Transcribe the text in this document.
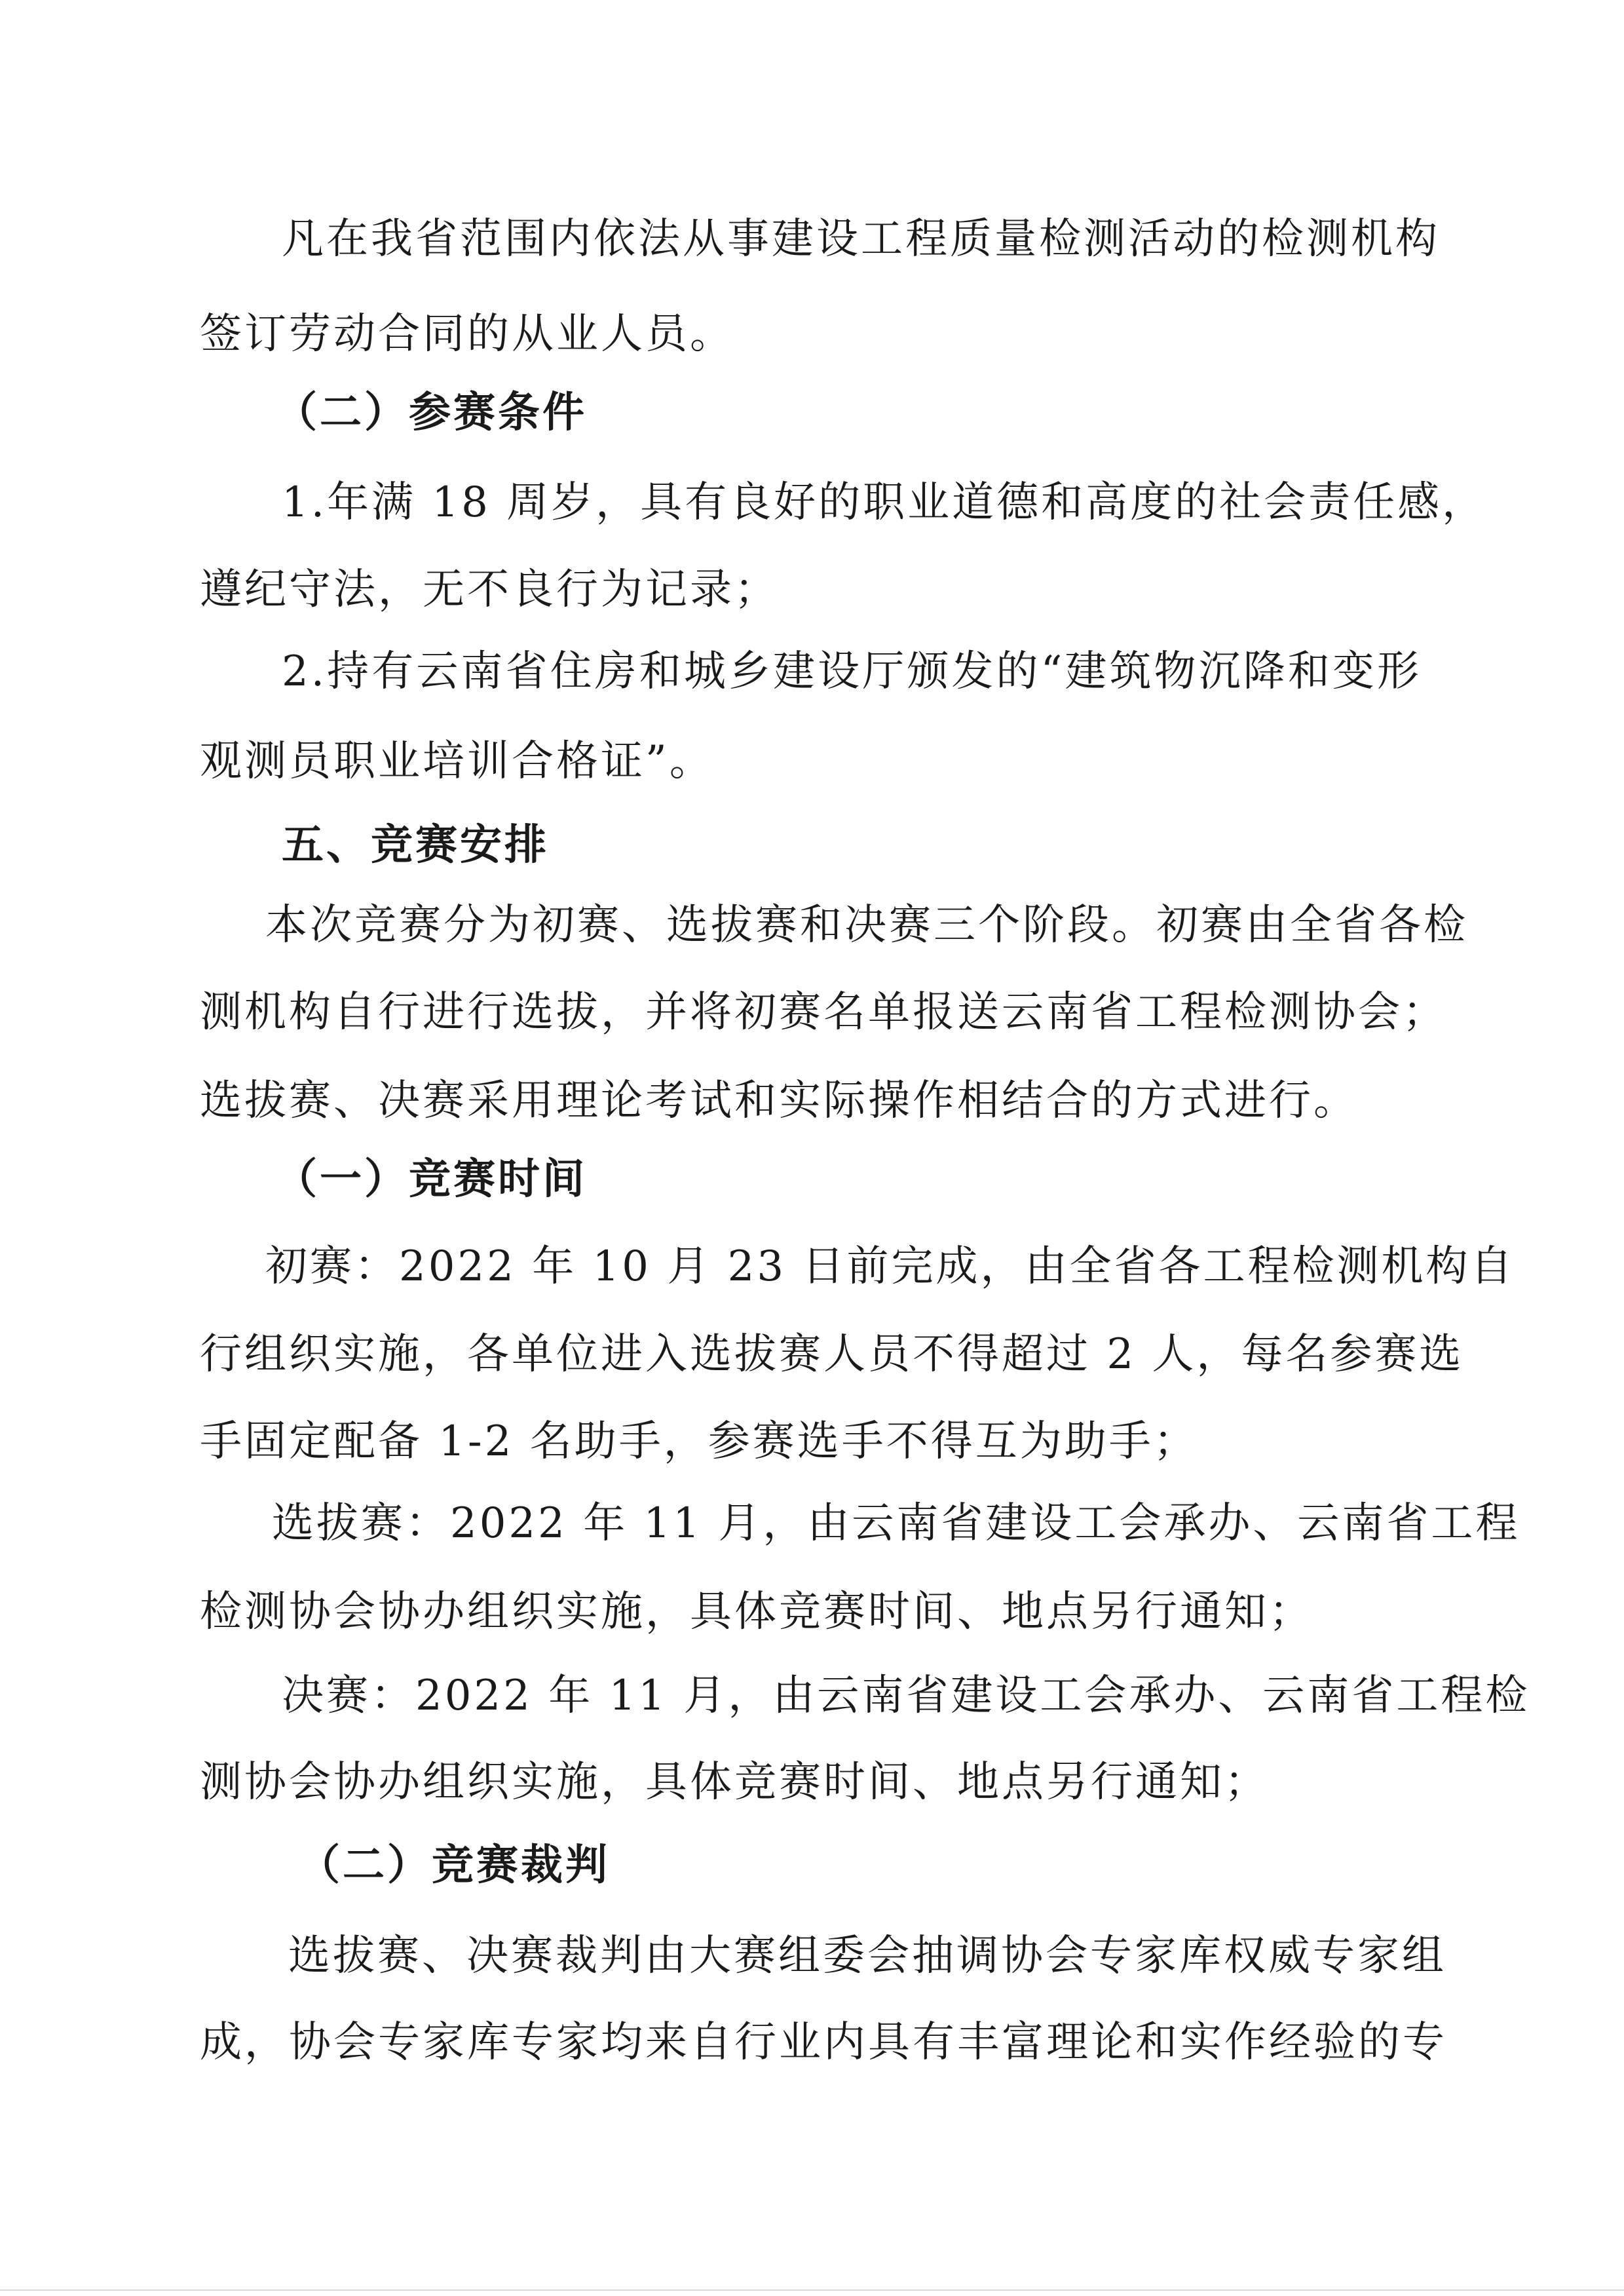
凡在我省范围内依法从事建设工程质量检测活动的检测机构
签订劳动合同的从业人员。
（二）参赛条件
1.年满 18 周岁，具有良好的职业道德和高度的社会责任感，
遵纪守法，无不良行为记录；
2.持有云南省住房和城乡建设厅颁发的“建筑物沉降和变形
观测员职业培训合格证”。
五、竞赛安排
本次竞赛分为初赛、选拔赛和决赛三个阶段。初赛由全省各检
测机构自行进行选拔，并将初赛名单报送云南省工程检测协会；
选拔赛、决赛采用理论考试和实际操作相结合的方式进行。
（一）竞赛时间
初赛：2022 年 10 月 23 日前完成，由全省各工程检测机构自
行组织实施，各单位进入选拔赛人员不得超过 2 人，每名参赛选
手固定配备 1-2 名助手，参赛选手不得互为助手；
选拔赛：2022 年 11 月，由云南省建设工会承办、云南省工程
检测协会协办组织实施，具体竞赛时间、地点另行通知；
决赛：2022 年 11 月，由云南省建设工会承办、云南省工程检
测协会协办组织实施，具体竞赛时间、地点另行通知；
（二）竞赛裁判
选拔赛、决赛裁判由大赛组委会抽调协会专家库权威专家组
成，协会专家库专家均来自行业内具有丰富理论和实作经验的专
